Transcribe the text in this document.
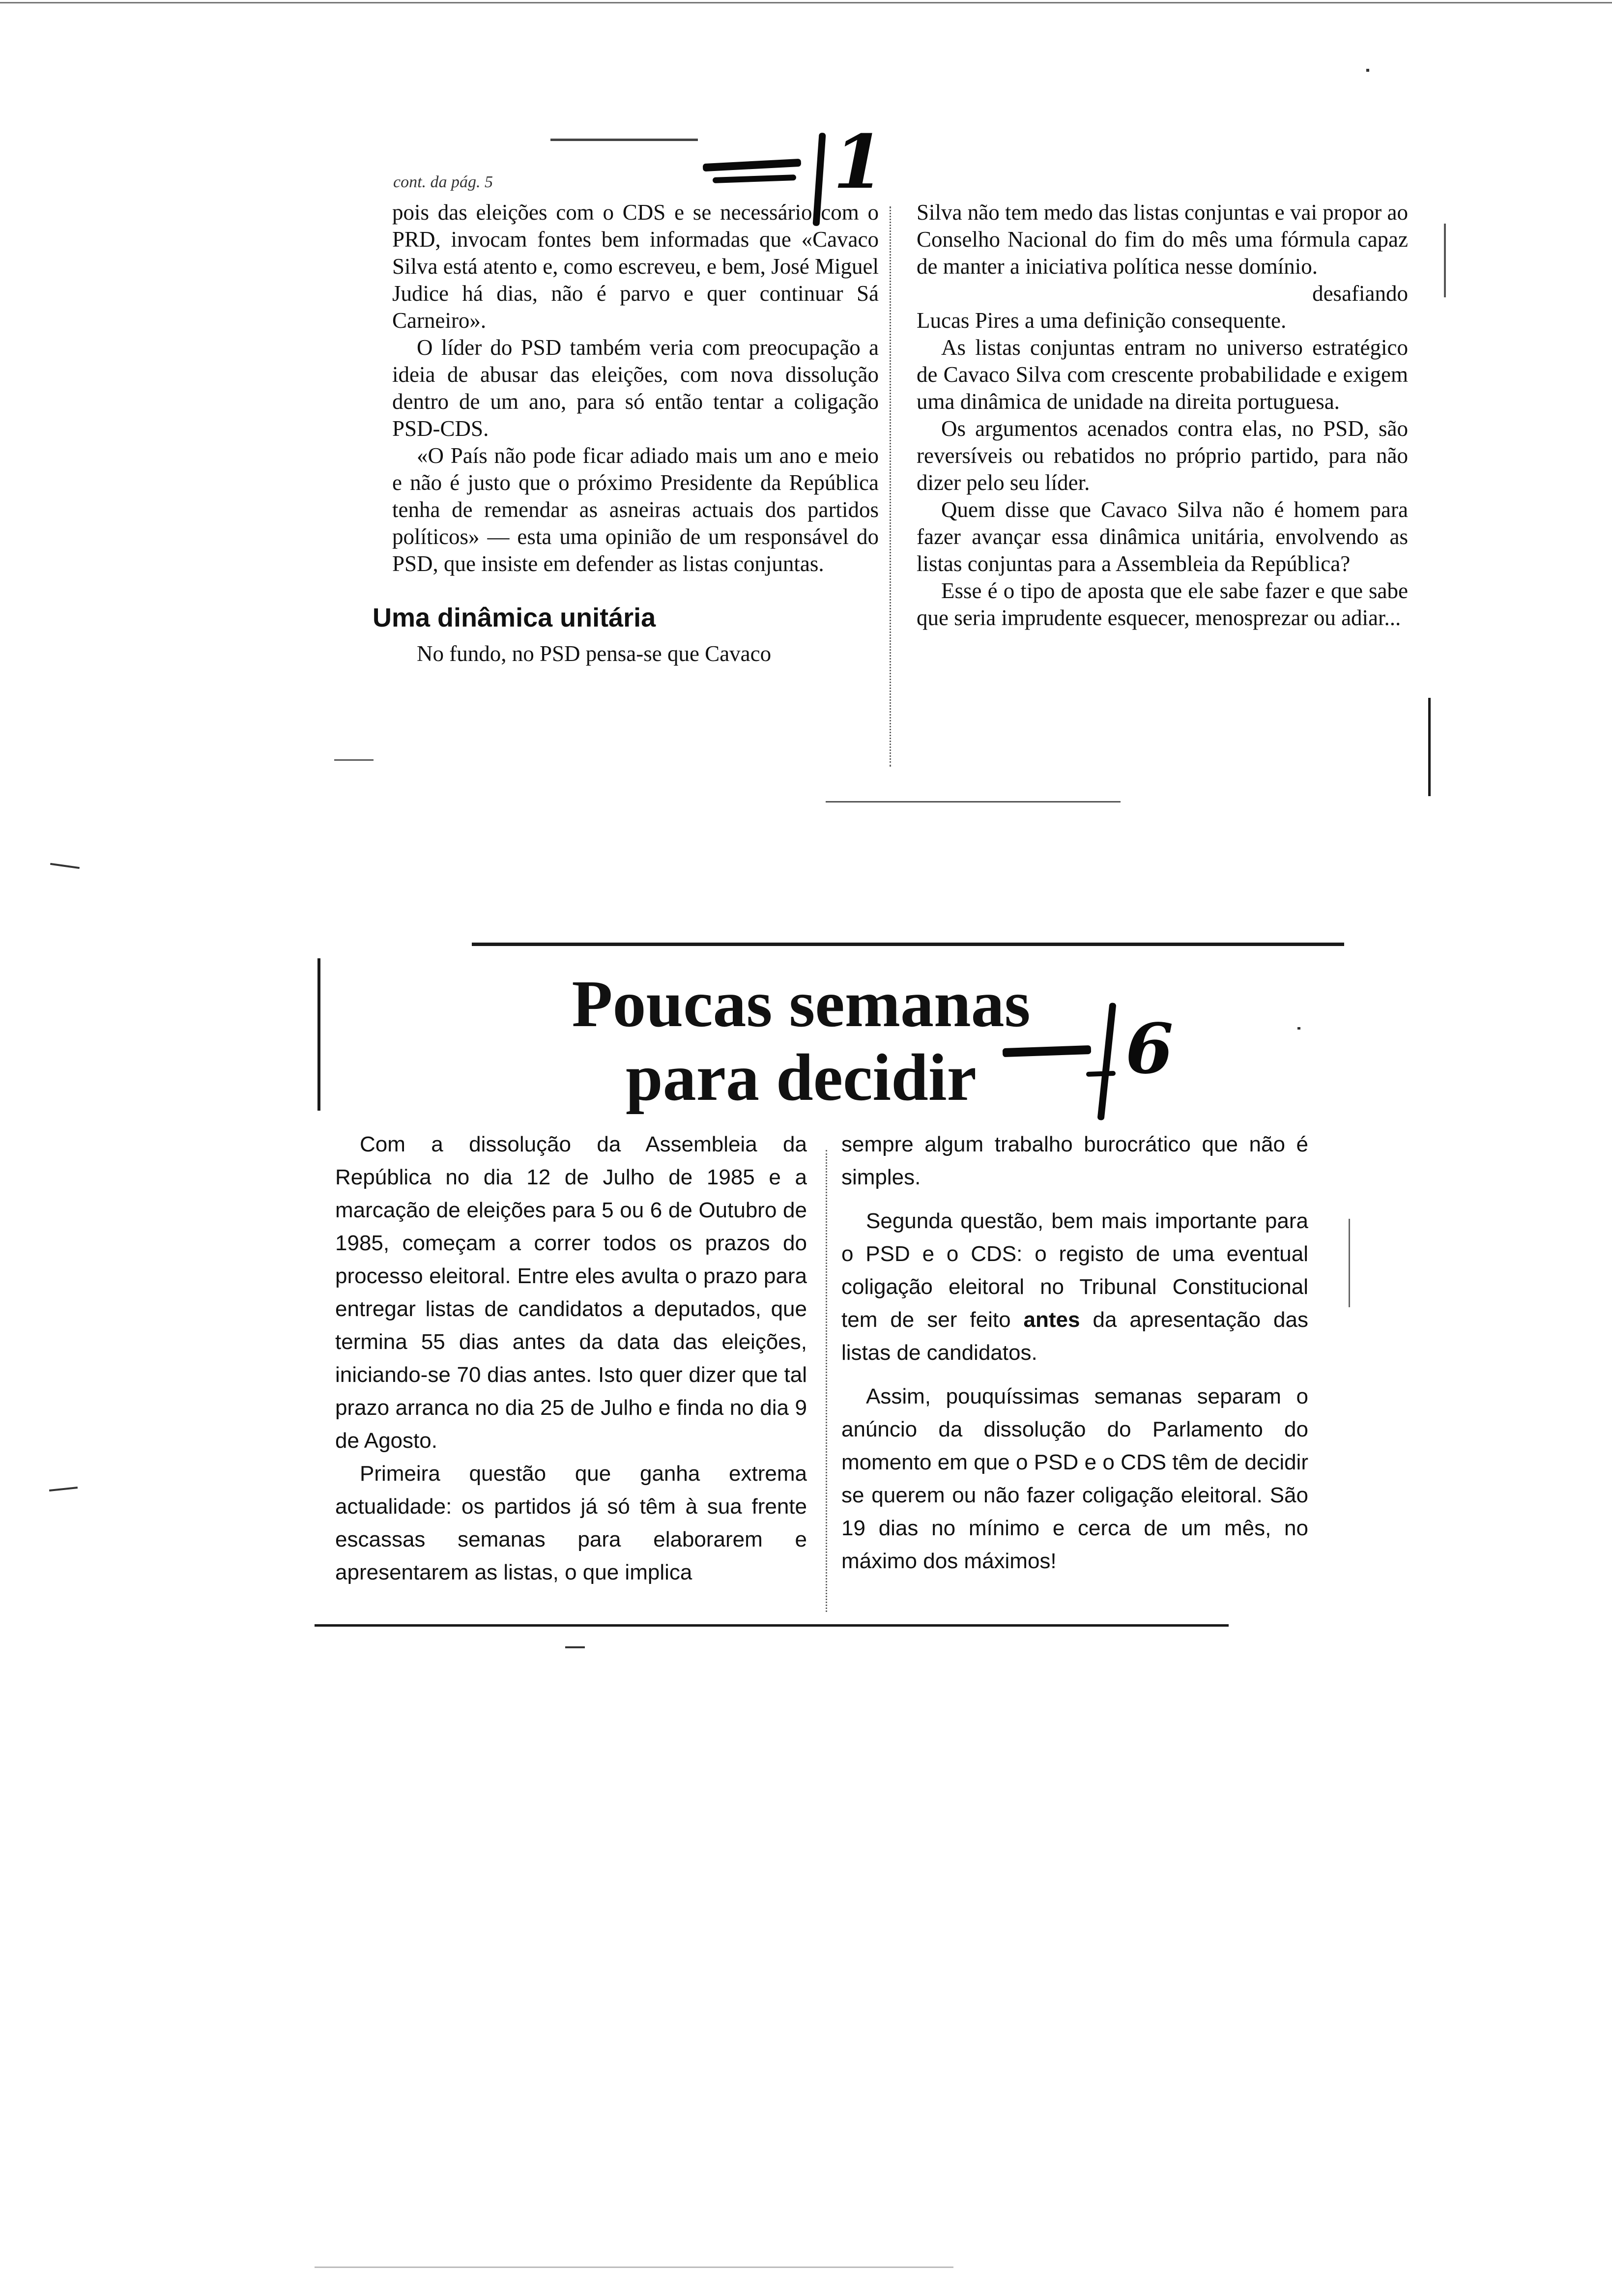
cont. da pág. 5	1

pois das eleições com o CDS e se necessário com o PRD, invocam fontes bem informadas que «Cavaco Silva está atento e, como escreveu, e bem, José Miguel Judice há dias, não é parvo e quer continuar Sá Carneiro».

O líder do PSD também veria com preocupação a ideia de abusar das eleições, com nova dissolução dentro de um ano, para só então tentar a coligação PSD-CDS.

«O País não pode ficar adiado mais um ano e meio e não é justo que o próximo Presidente da República tenha de remendar as asneiras actuais dos partidos políticos» — esta uma opinião de um responsável do PSD, que insiste em defender as listas conjuntas.

Uma dinâmica unitária

No fundo, no PSD pensa-se que Cavaco

Silva não tem medo das listas conjuntas e vai propor ao Conselho Nacional do fim do mês uma fórmula capaz de manter a iniciativa política nesse domínio.

desafiando

Lucas Pires a uma definição consequente.

As listas conjuntas entram no universo estratégico de Cavaco Silva com crescente probabilidade e exigem uma dinâmica de unidade na direita portuguesa.

Os argumentos acenados contra elas, no PSD, são reversíveis ou rebatidos no próprio partido, para não dizer pelo seu líder.

Quem disse que Cavaco Silva não é homem para fazer avançar essa dinâmica unitária, envolvendo as listas conjuntas para a Assembleia da República?

Esse é o tipo de aposta que ele sabe fazer e que sabe que seria imprudente esquecer, menosprezar ou adiar...

Poucas semanas
para decidir	6

Com a dissolução da Assembleia da República no dia 12 de Julho de 1985 e a marcação de eleições para 5 ou 6 de Outubro de 1985, começam a correr todos os prazos do processo eleitoral. Entre eles avulta o prazo para entregar listas de candidatos a deputados, que termina 55 dias antes da data das eleições, iniciando-se 70 dias antes. Isto quer dizer que tal prazo arranca no dia 25 de Julho e finda no dia 9 de Agosto.

Primeira questão que ganha extrema actualidade: os partidos já só têm à sua frente escassas semanas para elaborarem e apresentarem as listas, o que implica

sempre algum trabalho burocrático que não é simples.

Segunda questão, bem mais importante para o PSD e o CDS: o registo de uma eventual coligação eleitoral no Tribunal Constitucional tem de ser feito antes da apresentação das listas de candidatos.

Assim, pouquíssimas semanas separam o anúncio da dissolução do Parlamento do momento em que o PSD e o CDS têm de decidir se querem ou não fazer coligação eleitoral. São 19 dias no mínimo e cerca de um mês, no máximo dos máximos!
